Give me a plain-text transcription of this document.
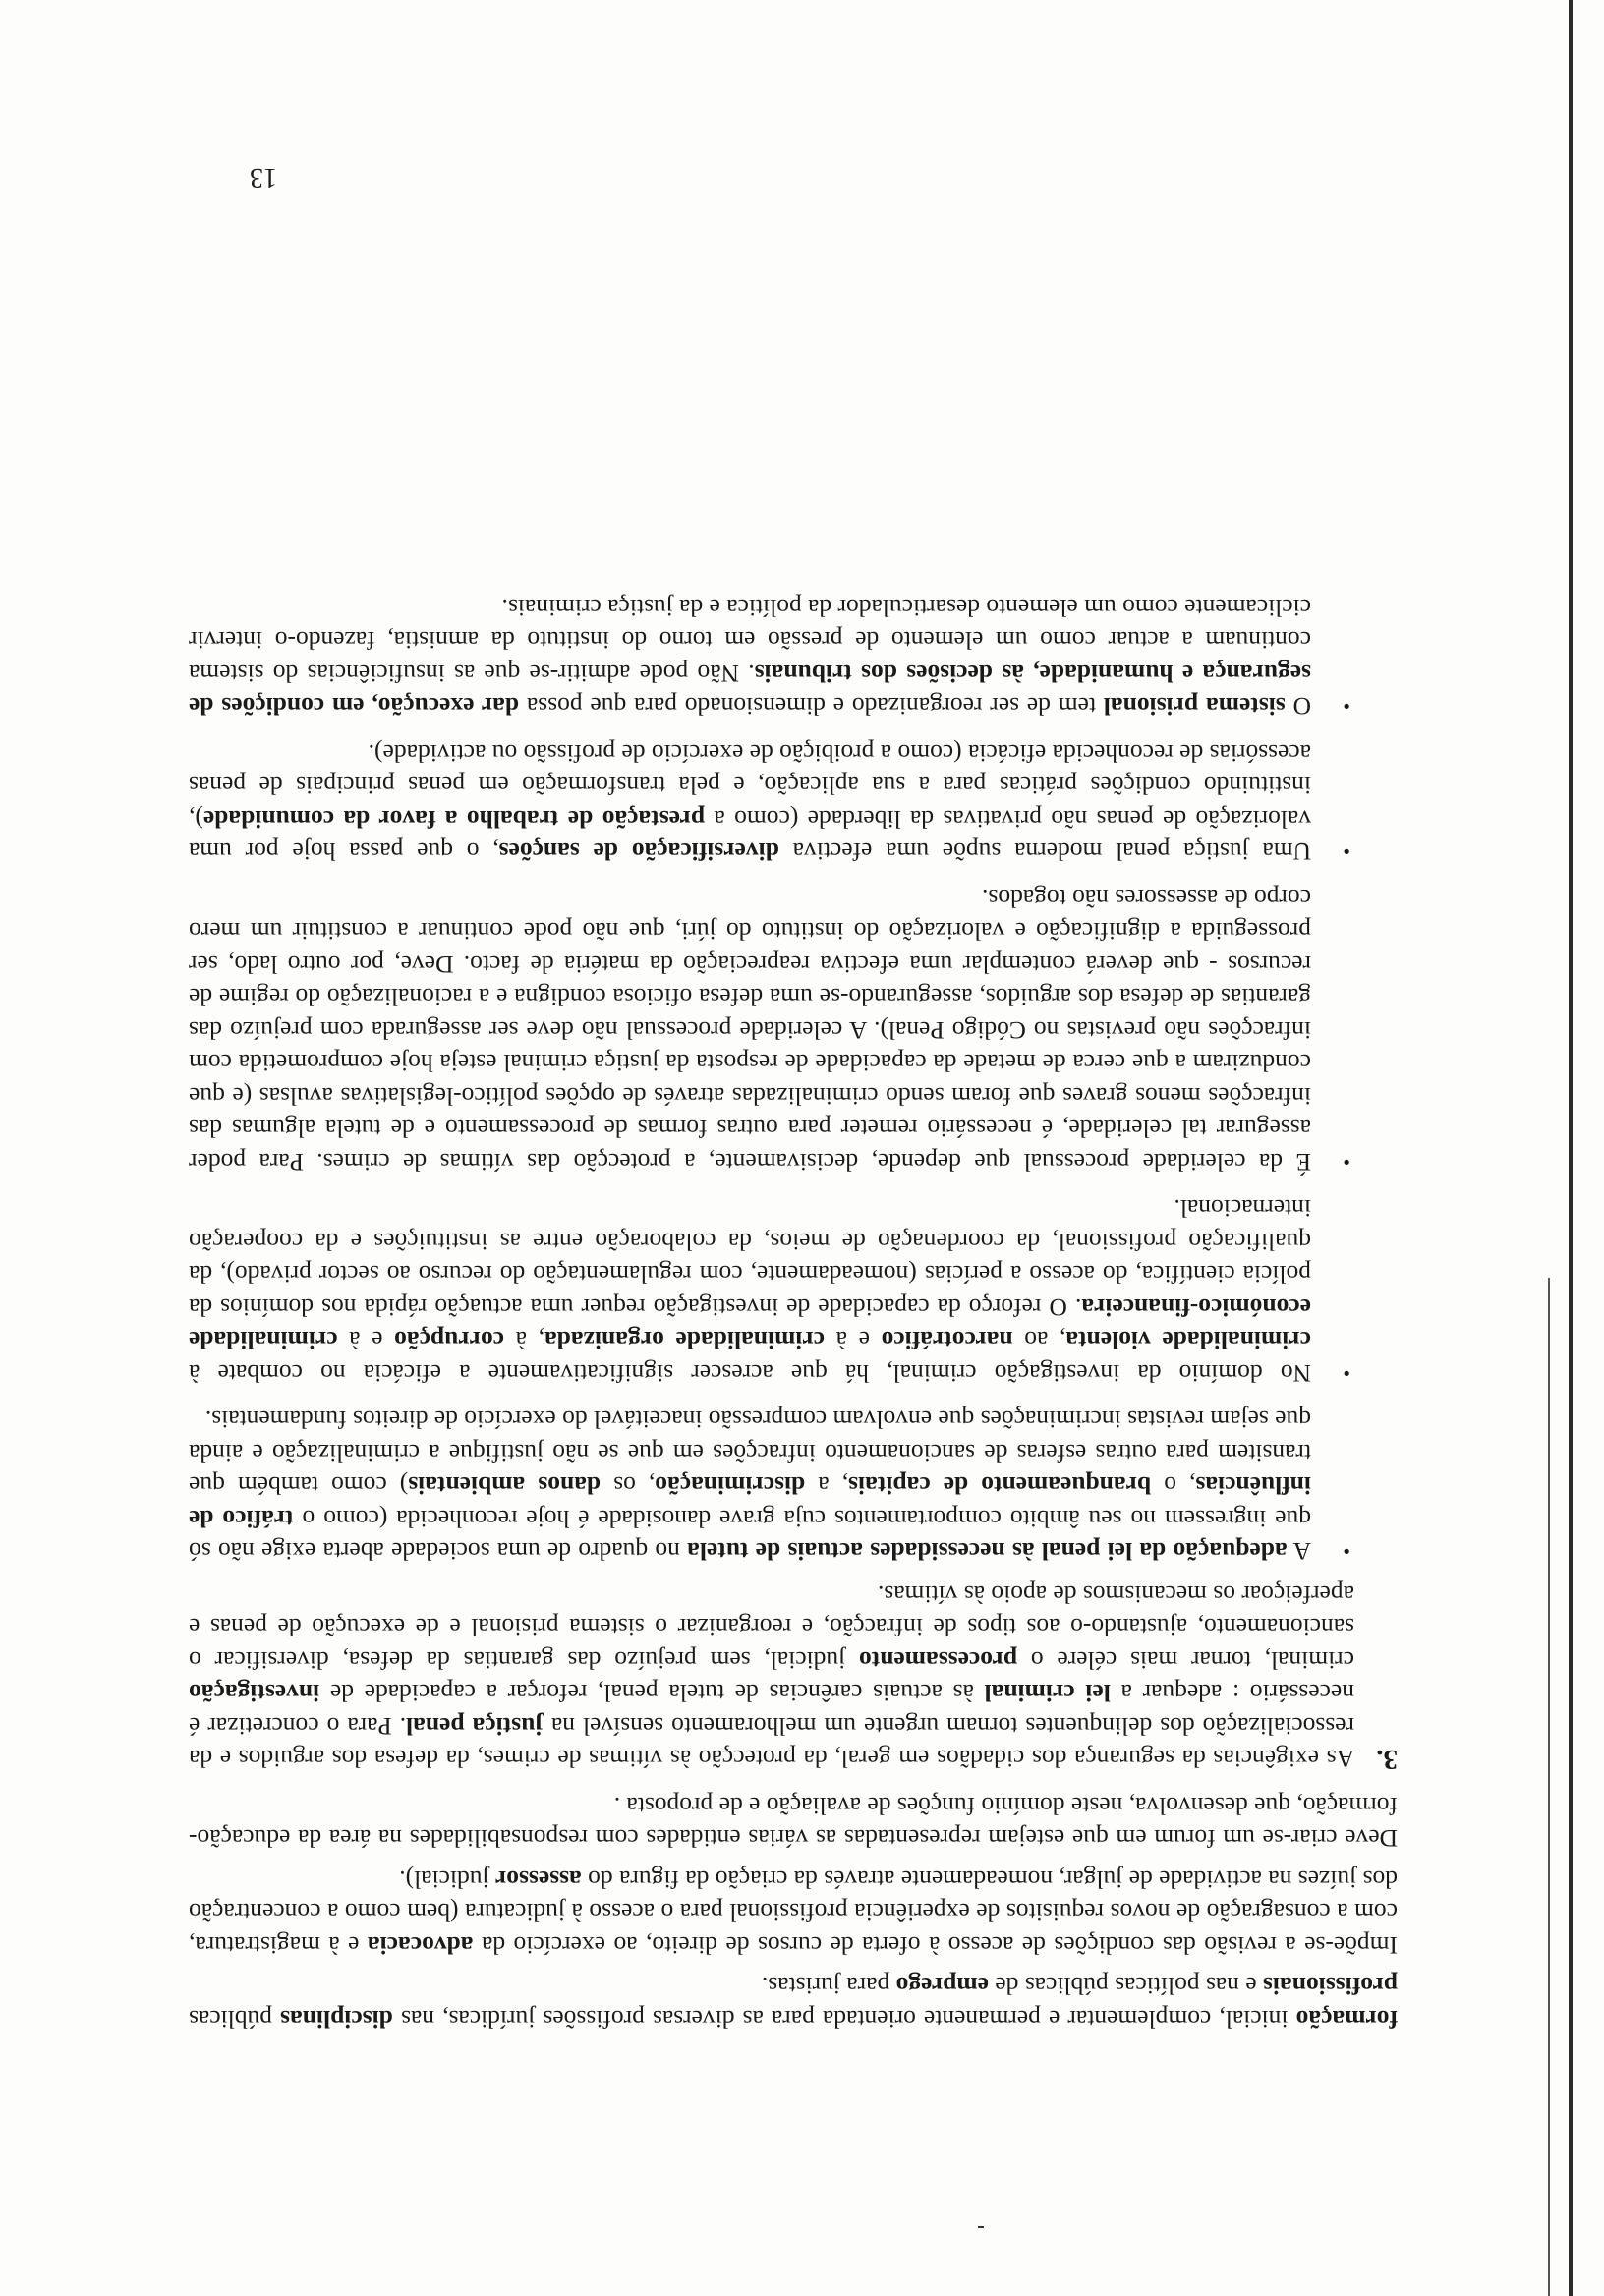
formação inicial, complementar e permanente orientada para as diversas profissões jurídicas, nas disciplinas públicas profissionais e nas políticas públicas de emprego para juristas.

Impõe-se a revisão das condições de acesso à oferta de cursos de direito, ao exercício da advocacia e à magistratura, com a consagração de novos requisitos de experiência profissional para o acesso à judicatura (bem como a concentração dos juízes na actividade de julgar, nomeadamente através da criação da figura do assessor judicial).

Deve criar-se um forum em que estejam representadas as várias entidades com responsabilidades na área da educação-formação, que desenvolva, neste domínio funções de avaliação e de proposta .

3.

As exigências da segurança dos cidadãos em geral, da protecção às vítimas de crimes, da defesa dos arguidos e da ressocialização dos delinquentes tornam urgente um melhoramento sensível na justiça penal. Para o concretizar é necessário : adequar a lei criminal às actuais carências de tutela penal, reforçar a capacidade de investigação criminal, tornar mais célere o processamento judicial, sem prejuízo das garantias da defesa, diversificar o sancionamento, ajustando-o aos tipos de infracção, e reorganizar o sistema prisional e de execução de penas e aperfeiçoar os mecanismos de apoio às vítimas.

•
A adequação da lei penal às necessidades actuais de tutela no quadro de uma sociedade aberta exige não só que ingressem no seu âmbito comportamentos cuja grave danosidade é hoje reconhecida (como o tráfico de influências, o branqueamento de capitais, a discriminação, os danos ambientais) como também que transitem para outras esferas de sancionamento infracções em que se não justifique a criminalização e ainda que sejam revistas incriminações que envolvam compressão inaceitável do exercício de direitos fundamentais.
•
No domínio da investigação criminal, há que acrescer significativamente a eficácia no combate à criminalidade violenta, ao narcotráfico e à criminalidade organizada, à corrupção e à criminalidade económico-financeira. O reforço da capacidade de investigação requer uma actuação rápida nos domínios da polícia científica, do acesso a perícias (nomeadamente, com regulamentação do recurso ao sector privado), da qualificação profissional, da coordenação de meios, da colaboração entre as instituições e da cooperação internacional.
•
É da celeridade processual que depende, decisivamente, a protecção das vítimas de crimes. Para poder assegurar tal celeridade, é necessário remeter para outras formas de processamento e de tutela algumas das infracções menos graves que foram sendo criminalizadas através de opções político-legislativas avulsas (e que conduziram a que cerca de metade da capacidade de resposta da justiça criminal esteja hoje comprometida com infracções não previstas no Código Penal). A celeridade processual não deve ser assegurada com prejuízo das garantias de defesa dos arguidos, assegurando-se uma defesa oficiosa condigna e a racionalização do regime de recursos - que deverá contemplar uma efectiva reapreciação da matéria de facto. Deve, por outro lado, ser prosseguida a dignificação e valorização do instituto do júri, que não pode continuar a constituir um mero corpo de assessores não togados.
•
Uma justiça penal moderna supõe uma efectiva diversificação de sanções, o que passa hoje por uma valorização de penas não privativas da liberdade (como a prestação de trabalho a favor da comunidade), instituindo condições práticas para a sua aplicação, e pela transformação em penas principais de penas acessórias de reconhecida eficácia (como a proibição de exercício de profissão ou actividade).
•
O sistema prisional tem de ser reorganizado e dimensionado para que possa dar execução, em condições de segurança e humanidade, às decisões dos tribunais. Não pode admitir-se que as insuficiências do sistema continuam a actuar como um elemento de pressão em torno do instituto da amnistia, fazendo-o intervir ciclicamente como um elemento desarticulador da política e da justiça criminais.
13
